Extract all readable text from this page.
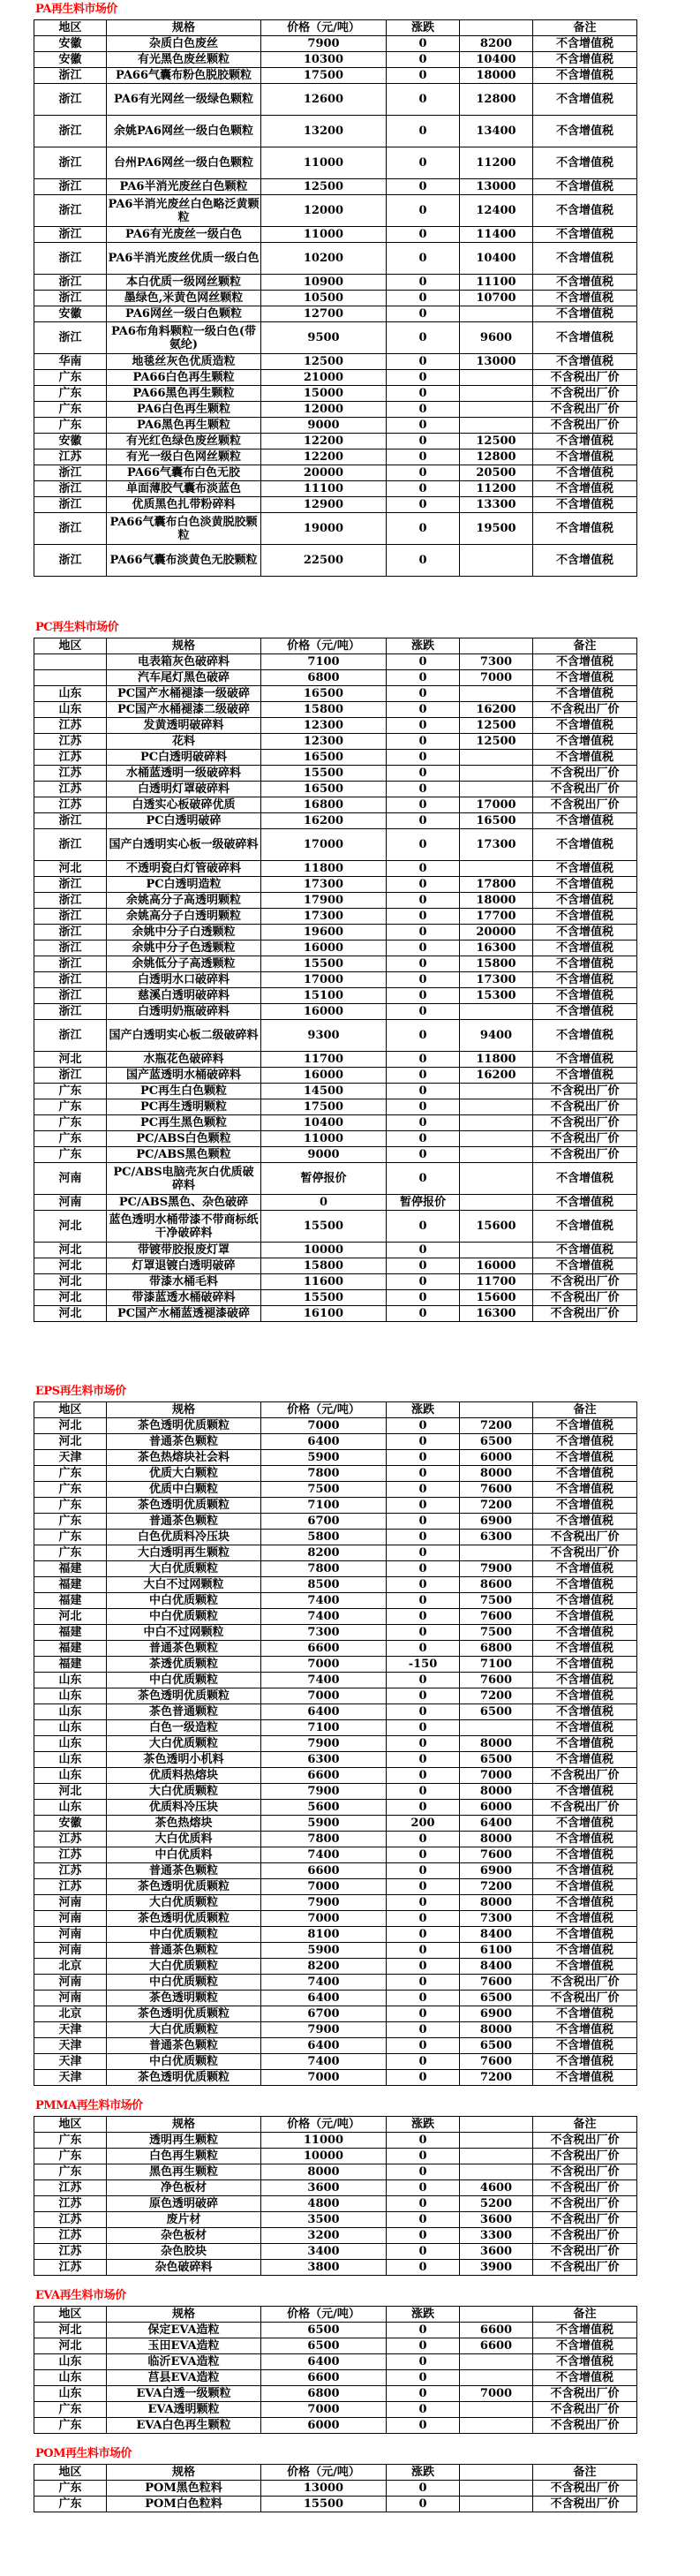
PA再生料市场价
地区	规格	价格（元/吨）	涨跌		备注
安徽	杂质白色废丝	7900	0	8200	不含增值税
安徽	有光黑色废丝颗粒	10300	0	10400	不含增值税
浙江	PA66气囊布粉色脱胶颗粒	17500	0	18000	不含增值税
浙江	PA6有光网丝一级绿色颗粒	12600	0	12800	不含增值税
浙江	余姚PA6网丝一级白色颗粒	13200	0	13400	不含增值税
浙江	台州PA6网丝一级白色颗粒	11000	0	11200	不含增值税
浙江	PA6半消光废丝白色颗粒	12500	0	13000	不含增值税
浙江	PA6半消光废丝白色略泛黄颗粒	12000	0	12400	不含增值税
浙江	PA6有光废丝一级白色	11000	0	11400	不含增值税
浙江	PA6半消光废丝优质一级白色	10200	0	10400	不含增值税
浙江	本白优质一级网丝颗粒	10900	0	11100	不含增值税
浙江	墨绿色,米黄色网丝颗粒	10500	0	10700	不含增值税
安徽	PA6网丝一级白色颗粒	12700	0		不含增值税
浙江	PA6布角料颗粒一级白色(带氨纶)	9500	0	9600	不含增值税
华南	地毯丝灰色优质造粒	12500	0	13000	不含增值税
广东	PA66白色再生颗粒	21000	0		不含税出厂价
广东	PA66黑色再生颗粒	15000	0		不含税出厂价
广东	PA6白色再生颗粒	12000	0		不含税出厂价
广东	PA6黑色再生颗粒	9000	0		不含税出厂价
安徽	有光红色绿色废丝颗粒	12200	0	12500	不含增值税
江苏	有光一级白色网丝颗粒	12200	0	12800	不含增值税
浙江	PA66气囊布白色无胶	20000	0	20500	不含增值税
浙江	单面薄胶气囊布淡蓝色	11100	0	11200	不含增值税
浙江	优质黑色扎带粉碎料	12900	0	13300	不含增值税
浙江	PA66气囊布白色淡黄脱胶颗粒	19000	0	19500	不含增值税
浙江	PA66气囊布淡黄色无胶颗粒	22500	0		不含增值税
PC再生料市场价
地区	规格	价格（元/吨）	涨跌		备注
	电表箱灰色破碎料	7100	0	7300	不含增值税
	汽车尾灯黑色破碎	6800	0	7000	不含增值税
山东	PC国产水桶褪漆一级破碎	16500	0		不含增值税
山东	PC国产水桶褪漆二级破碎	15800	0	16200	不含税出厂价
江苏	发黄透明破碎料	12300	0	12500	不含增值税
江苏	花料	12300	0	12500	不含增值税
江苏	PC白透明破碎料	16500	0		不含增值税
江苏	水桶蓝透明一级破碎料	15500	0		不含税出厂价
江苏	白透明灯罩破碎料	16500	0		不含税出厂价
江苏	白透实心板破碎优质	16800	0	17000	不含税出厂价
浙江	PC白透明破碎	16200	0	16500	不含增值税
浙江	国产白透明实心板一级破碎料	17000	0	17300	不含增值税
河北	不透明瓷白灯管破碎料	11800	0		不含增值税
浙江	PC白透明造粒	17300	0	17800	不含增值税
浙江	余姚高分子高透明颗粒	17900	0	18000	不含增值税
浙江	余姚高分子白透明颗粒	17300	0	17700	不含增值税
浙江	余姚中分子白透颗粒	19600	0	20000	不含增值税
浙江	余姚中分子色透颗粒	16000	0	16300	不含增值税
浙江	余姚低分子高透颗粒	15500	0	15800	不含增值税
浙江	白透明水口破碎料	17000	0	17300	不含增值税
浙江	慈溪白透明破碎料	15100	0	15300	不含增值税
浙江	白透明奶瓶破碎料	16000	0		不含增值税
浙江	国产白透明实心板二级破碎料	9300	0	9400	不含增值税
河北	水瓶花色破碎料	11700	0	11800	不含增值税
浙江	国产蓝透明水桶破碎料	16000	0	16200	不含增值税
广东	PC再生白色颗粒	14500	0		不含税出厂价
广东	PC再生透明颗粒	17500	0		不含税出厂价
广东	PC再生黑色颗粒	10400	0		不含税出厂价
广东	PC/ABS白色颗粒	11000	0		不含税出厂价
广东	PC/ABS黑色颗粒	9000	0		不含税出厂价
河南	PC/ABS电脑壳灰白优质破碎料	暂停报价	0		不含增值税
河南	PC/ABS黑色、杂色破碎	0	暂停报价		不含增值税
河北	蓝色透明水桶带漆不带商标纸干净破碎料	15500	0	15600	不含增值税
河北	带镀带胶报废灯罩	10000	0		不含增值税
河北	灯罩退镀白透明破碎	15800	0	16000	不含增值税
河北	带漆水桶毛料	11600	0	11700	不含税出厂价
河北	带漆蓝透水桶破碎料	15500	0	15600	不含税出厂价
河北	PC国产水桶蓝透褪漆破碎	16100	0	16300	不含税出厂价
EPS再生料市场价
地区	规格	价格（元/吨）	涨跌		备注
河北	茶色透明优质颗粒	7000	0	7200	不含增值税
河北	普通茶色颗粒	6400	0	6500	不含增值税
天津	茶色热熔块社会料	5900	0	6000	不含增值税
广东	优质大白颗粒	7800	0	8000	不含增值税
广东	优质中白颗粒	7500	0	7600	不含增值税
广东	茶色透明优质颗粒	7100	0	7200	不含增值税
广东	普通茶色颗粒	6700	0	6900	不含增值税
广东	白色优质料冷压块	5800	0	6300	不含税出厂价
广东	大白透明再生颗粒	8200	0		不含税出厂价
福建	大白优质颗粒	7800	0	7900	不含增值税
福建	大白不过网颗粒	8500	0	8600	不含增值税
福建	中白优质颗粒	7400	0	7500	不含增值税
河北	中白优质颗粒	7400	0	7600	不含增值税
福建	中白不过网颗粒	7300	0	7500	不含增值税
福建	普通茶色颗粒	6600	0	6800	不含增值税
福建	茶透优质颗粒	7000	-150	7100	不含增值税
山东	中白优质颗粒	7400	0	7600	不含增值税
山东	茶色透明优质颗粒	7000	0	7200	不含增值税
山东	茶色普通颗粒	6400	0	6500	不含增值税
山东	白色一级造粒	7100	0		不含增值税
山东	大白优质颗粒	7900	0	8000	不含增值税
山东	茶色透明小机料	6300	0	6500	不含增值税
山东	优质料热熔块	6600	0	7000	不含税出厂价
河北	大白优质颗粒	7900	0	8000	不含增值税
山东	优质料冷压块	5600	0	6000	不含税出厂价
安徽	茶色热熔块	5900	200	6400	不含增值税
江苏	大白优质料	7800	0	8000	不含增值税
江苏	中白优质料	7400	0	7600	不含增值税
江苏	普通茶色颗粒	6600	0	6900	不含增值税
江苏	茶色透明优质颗粒	7000	0	7200	不含增值税
河南	大白优质颗粒	7900	0	8000	不含增值税
河南	茶色透明优质颗粒	7000	0	7300	不含增值税
河南	中白优质颗粒	8100	0	8400	不含增值税
河南	普通茶色颗粒	5900	0	6100	不含增值税
北京	大白优质颗粒	8200	0	8400	不含增值税
河南	中白优质颗粒	7400	0	7600	不含税出厂价
河南	茶色透明颗粒	6400	0	6500	不含税出厂价
北京	茶色透明优质颗粒	6700	0	6900	不含增值税
天津	大白优质颗粒	7900	0	8000	不含增值税
天津	普通茶色颗粒	6400	0	6500	不含增值税
天津	中白优质颗粒	7400	0	7600	不含增值税
天津	茶色透明优质颗粒	7000	0	7200	不含增值税
PMMA再生料市场价
地区	规格	价格（元/吨）	涨跌		备注
广东	透明再生颗粒	11000	0		不含税出厂价
广东	白色再生颗粒	10000	0		不含税出厂价
广东	黑色再生颗粒	8000	0		不含税出厂价
江苏	净色板材	3600	0	4600	不含税出厂价
江苏	原色透明破碎	4800	0	5200	不含税出厂价
江苏	废片材	3500	0	3600	不含税出厂价
江苏	杂色板材	3200	0	3300	不含税出厂价
江苏	杂色胶块	3400	0	3600	不含税出厂价
江苏	杂色破碎料	3800	0	3900	不含税出厂价
EVA再生料市场价
地区	规格	价格（元/吨）	涨跌		备注
河北	保定EVA造粒	6500	0	6600	不含增值税
河北	玉田EVA造粒	6500	0	6600	不含增值税
山东	临沂EVA造粒	6400	0		不含增值税
山东	莒县EVA造粒	6600	0		不含增值税
山东	EVA白透一级颗粒	6800	0	7000	不含税出厂价
广东	EVA透明颗粒	7000	0		不含税出厂价
广东	EVA白色再生颗粒	6000	0		不含税出厂价
POM再生料市场价
地区	规格	价格（元/吨）	涨跌		备注
广东	POM黑色粒料	13000	0		不含税出厂价
广东	POM白色粒料	15500	0		不含税出厂价
